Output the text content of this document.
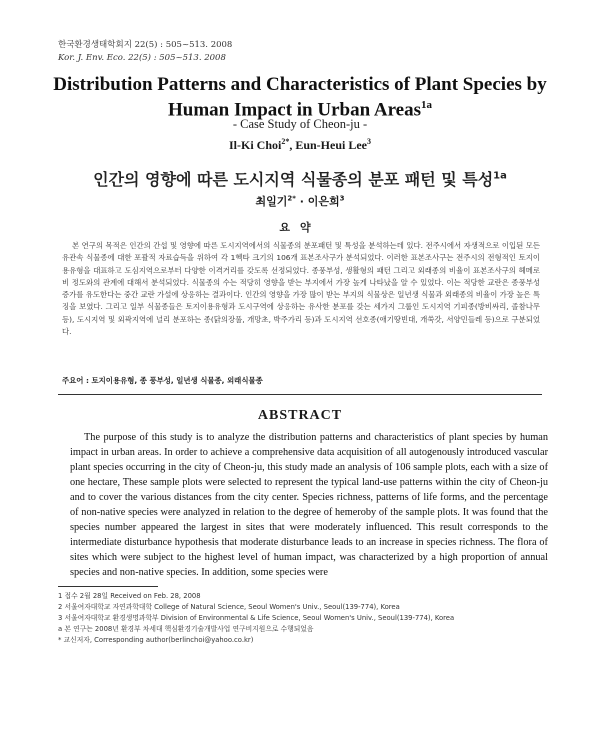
한국환경생태학회지 22(5) : 505~513. 2008
Kor. J. Env. Eco. 22(5) : 505~513. 2008
Distribution Patterns and Characteristics of Plant Species by
Human Impact in Urban Areas$^{1a}$
- Case Study of Cheon-ju -
Il-Ki Choi$^{2*}$, Eun-Heui Lee$^3$
인간의 영향에 따른 도시지역 식물종의 분포 패턴 및 특성$^{1a}$
최일기$^{2*}$ · 이은희$^3$
요약
본 연구의 목적은 인간의 간섭 및 영향에 따른 도시지역에서의 식물종의 분포패턴 및 특성을 분석하는데 있다. 전주시에서 자생적으로 이입된 모든 유관속 식물종에 대한 포괄적 자료습득을 위하여 각 1헥타 크기의 106개 표본조사구가 분석되었다. 이러한 표본조사구는 전주시의 전형적인 토지이용유형을 대표하고 도심지역으로부터 다양한 이격거리를 갖도록 선정되었다. 종풍부성, 생활형의 패턴 그리고 외래종의 비율이 표본조사구의 헤메로비 정도와의 관계에 대해서 분석되었다. 식물종의 수는 적당히 영향을 받는 부지에서 가장 높게 나타났을 알 수 있었다. 이는 적당한 교란은 종풍부성 증가를 유도한다는 중간 교란 가설에 상응하는 결과이다. 인간의 영향을 가장 많이 받는 부지의 식물상은 일년생 식물과 외래종의 비율이 가장 높은 특징을 보였다. 그리고 일부 식물종들은 토지이용유형과 도시구역에 상응하는 유사한 분포를 갖는 세가지 그룹인 도시지역 기피종(방비싸리, 졸참나무 등), 도시지역 및 외곽지역에 널리 분포하는 종(닭의장풀, 개망초, 박주가리 등)과 도시지역 선호종(애기땅빈대, 개쑥갓, 서양민들레 등)으로 구분되었다.
주요어 : 토지이용유형, 종 풍부성, 일년생 식물종, 외래식물종
ABSTRACT
The purpose of this study is to analyze the distribution patterns and characteristics of plant species by human impact in urban areas. In order to achieve a comprehensive data acquisition of all autogenously introduced vascular plant species occurring in the city of Cheon-ju, this study made an analysis of 106 sample plots, each with a size of one hectare, These sample plots were selected to represent the typical land-use patterns within the city of Cheon-ju and to cover the various distances from the city center. Species richness, patterns of life forms, and the percentage of non-native species were analyzed in relation to the degree of hemeroby of the sample plots. It was found that the species number appeared the largest in sites that were moderately influenced. This result corresponds to the intermediate disturbance hypothesis that moderate disturbance leads to an increase in species richness. The flora of sites which were subject to the highest level of human impact, was characterized by a high proportion of annual species and non-native species. In addition, some species were
1 접수 2월 28일 Received on Feb. 28, 2008
2 서울여자대학교 자연과학대학 College of Natural Science, Seoul Women's Univ., Seoul(139-774), Korea
3 서울여자대학교 환경생명과학부 Division of Environmental & Life Science, Seoul Women's Univ., Seoul(139-774), Korea
a 본 연구는 2008년 환경부 차세대 핵심환경기술개발사업 연구비지원으로 수행되었음
* 교신저자, Corresponding author(berlinchoi@yahoo.co.kr)
